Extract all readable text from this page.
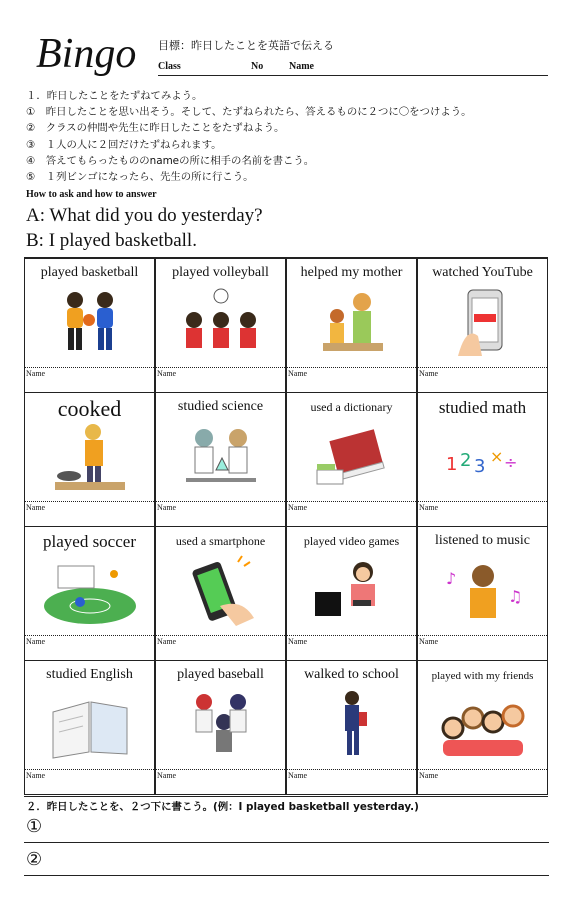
Bingo 目標：昨日したことを英語で伝える
Class	No	Name
１．昨日したことをたずねてみよう。
①　昨日したことを思い出そう。そして、たずねられたら、答えるものに２つに〇をつけよう。
②　クラスの仲間や先生に昨日したことをたずねよう。
③　１人の人に２回だけたずねられます。
④　答えてもらったもののnameの所に相手の名前を書こう。
⑤　１列ビンゴになったら、先生の所に行こう。
How to ask and how to answer
A: What did you do yesterday?
B: I played basketball.
played basketball
Name
played volleyball
Name
helped my mother
Name
watched YouTube
Name
cooked
Name
studied science
Name
used a dictionary
Name
studied math
1 2 3 × ÷
Name
played soccer
Name
used a smartphone
Name
played video games
Name
listened to music
♪
♫
Name
studied English
Name
played baseball
Name
walked to school
Name
played with my friends
Name
２．昨日したことを、２つ下に書こう。(例：I played basketball yesterday.)
①
②
